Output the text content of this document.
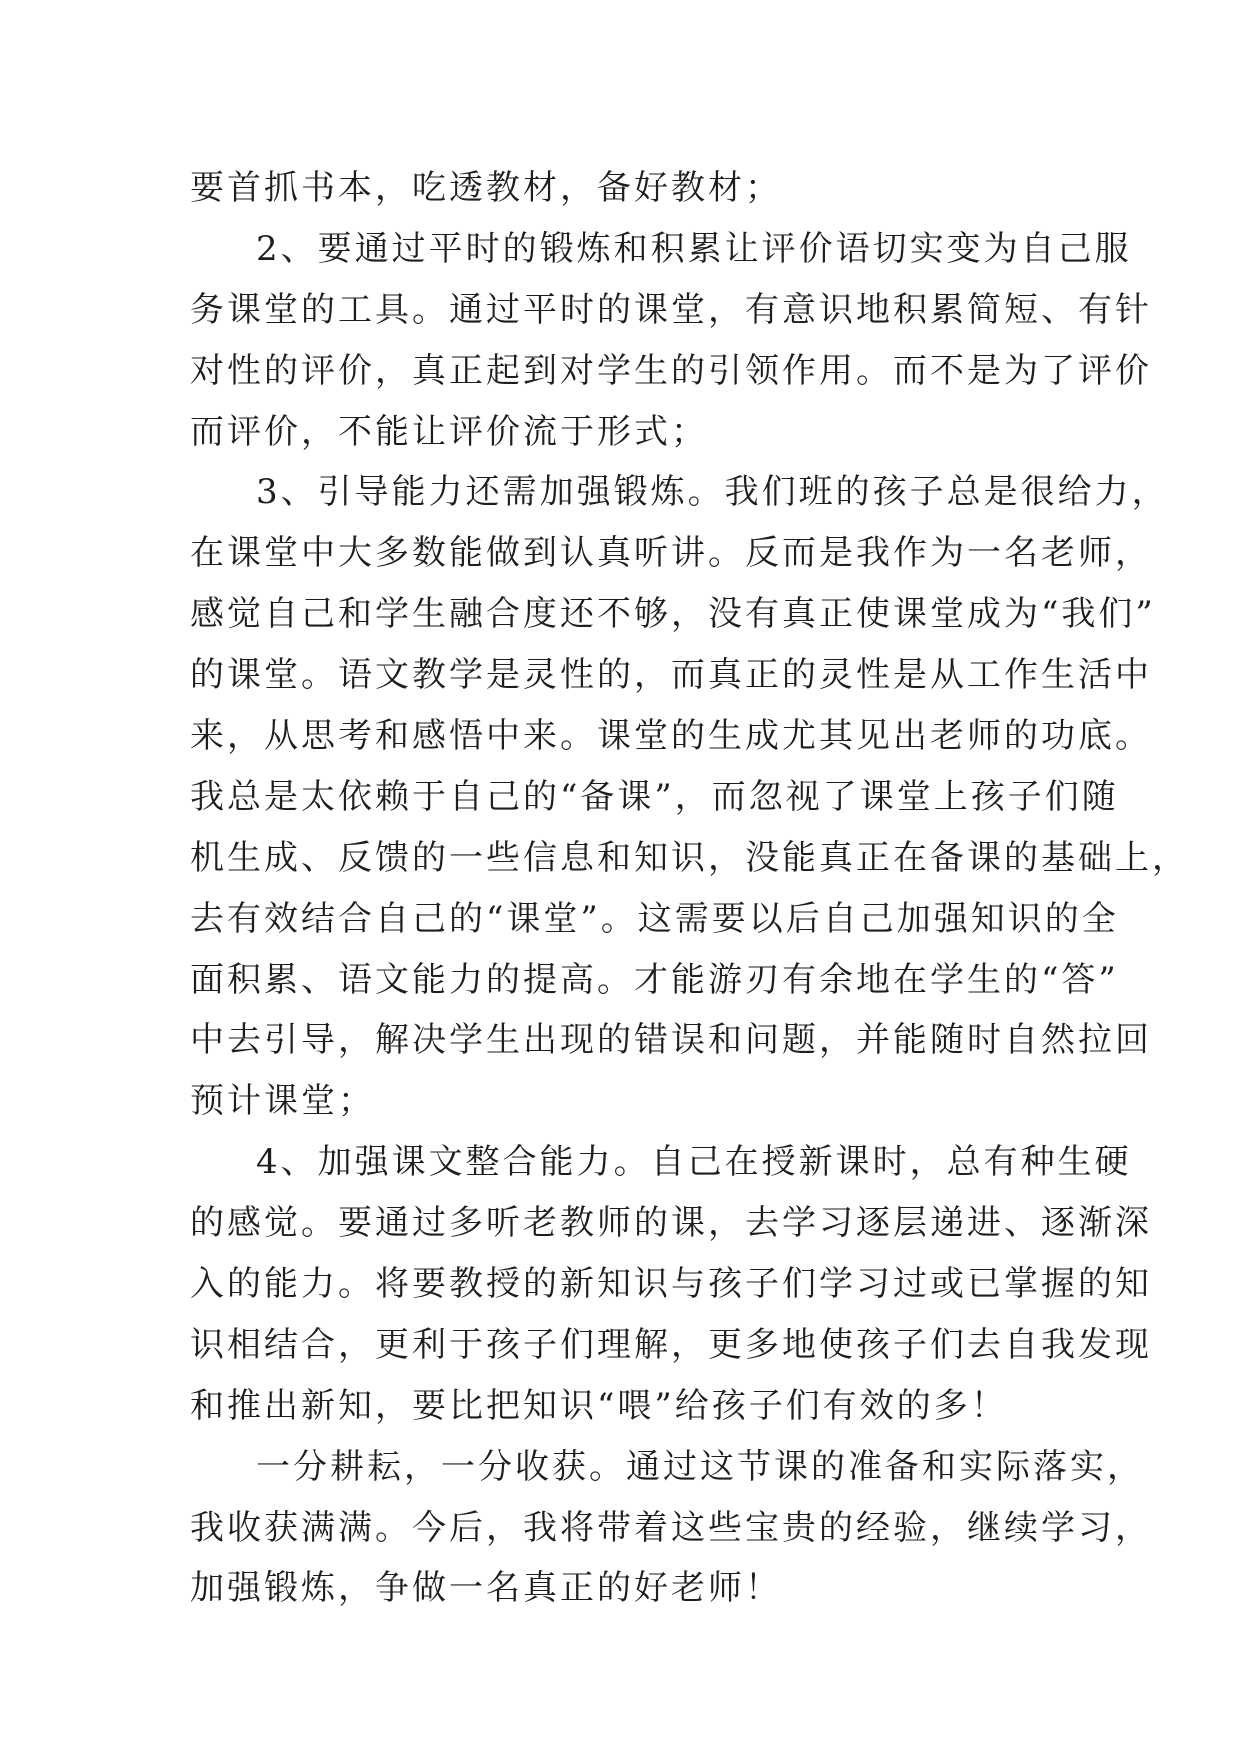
要首抓书本，吃透教材，备好教材；
2、要通过平时的锻炼和积累让评价语切实变为自己服
务课堂的工具。通过平时的课堂，有意识地积累简短、有针
对性的评价，真正起到对学生的引领作用。而不是为了评价
而评价，不能让评价流于形式；
3、引导能力还需加强锻炼。我们班的孩子总是很给力，
在课堂中大多数能做到认真听讲。反而是我作为一名老师，
感觉自己和学生融合度还不够，没有真正使课堂成为“我们”
的课堂。语文教学是灵性的，而真正的灵性是从工作生活中
来，从思考和感悟中来。课堂的生成尤其见出老师的功底。
我总是太依赖于自己的“备课”，而忽视了课堂上孩子们随
机生成、反馈的一些信息和知识，没能真正在备课的基础上，
去有效结合自己的“课堂”。这需要以后自己加强知识的全
面积累、语文能力的提高。才能游刃有余地在学生的“答”
中去引导，解决学生出现的错误和问题，并能随时自然拉回
预计课堂；
4、加强课文整合能力。自己在授新课时，总有种生硬
的感觉。要通过多听老教师的课，去学习逐层递进、逐渐深
入的能力。将要教授的新知识与孩子们学习过或已掌握的知
识相结合，更利于孩子们理解，更多地使孩子们去自我发现
和推出新知，要比把知识“喂”给孩子们有效的多！
一分耕耘，一分收获。通过这节课的准备和实际落实，
我收获满满。今后，我将带着这些宝贵的经验，继续学习，
加强锻炼，争做一名真正的好老师！
